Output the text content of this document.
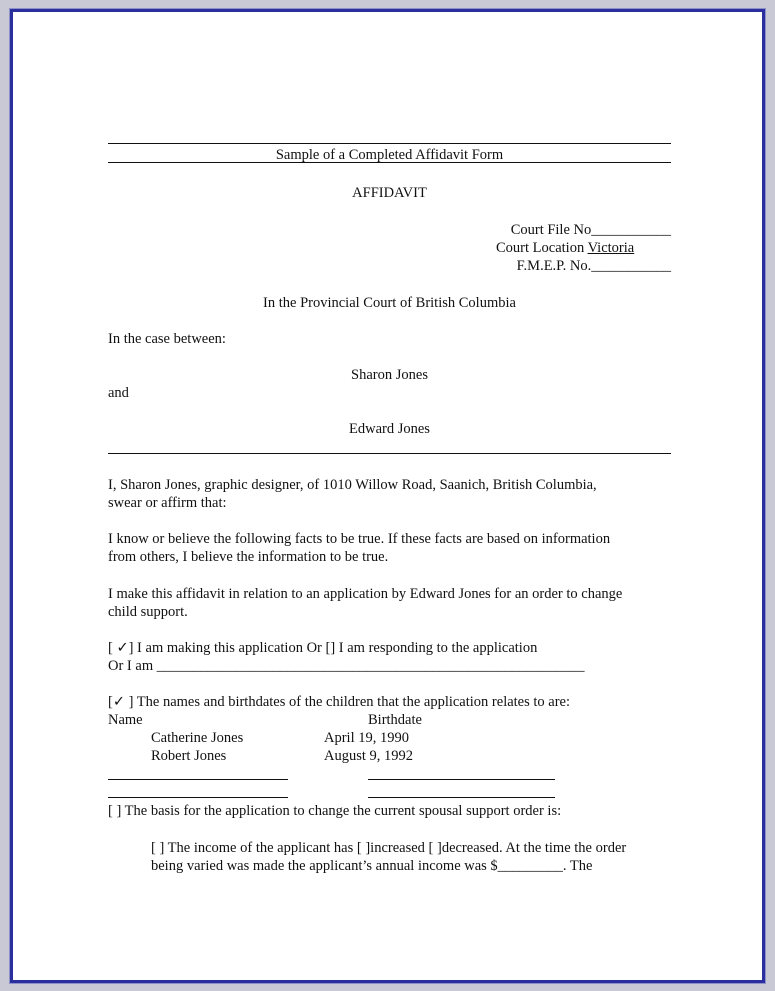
Sample of a Completed Affidavit Form
AFFIDAVIT
Court File No___________
Court Location Victoria
F.M.E.P. No.___________
In the Provincial Court of British Columbia
In the case between:
Sharon Jones
and
Edward Jones
I, Sharon Jones, graphic designer, of 1010 Willow Road, Saanich, British Columbia,
swear or affirm that:
I know or believe the following facts to be true. If these facts are based on information
from others, I believe the information to be true.
I make this affidavit in relation to an application by Edward Jones for an order to change
child support.
[ ✓] I am making this application Or [] I am responding to the application
Or I am ___________________________________________________________
[✓ ] The names and birthdates of the children that the application relates to are:
Name	Birthdate
Catherine Jones	April 19, 1990
Robert Jones	August 9, 1992
[ ] The basis for the application to change the current spousal support order is:
[ ] The income of the applicant has [ ]increased [ ]decreased. At the time the order
being varied was made the applicant’s annual income was $_________. The
